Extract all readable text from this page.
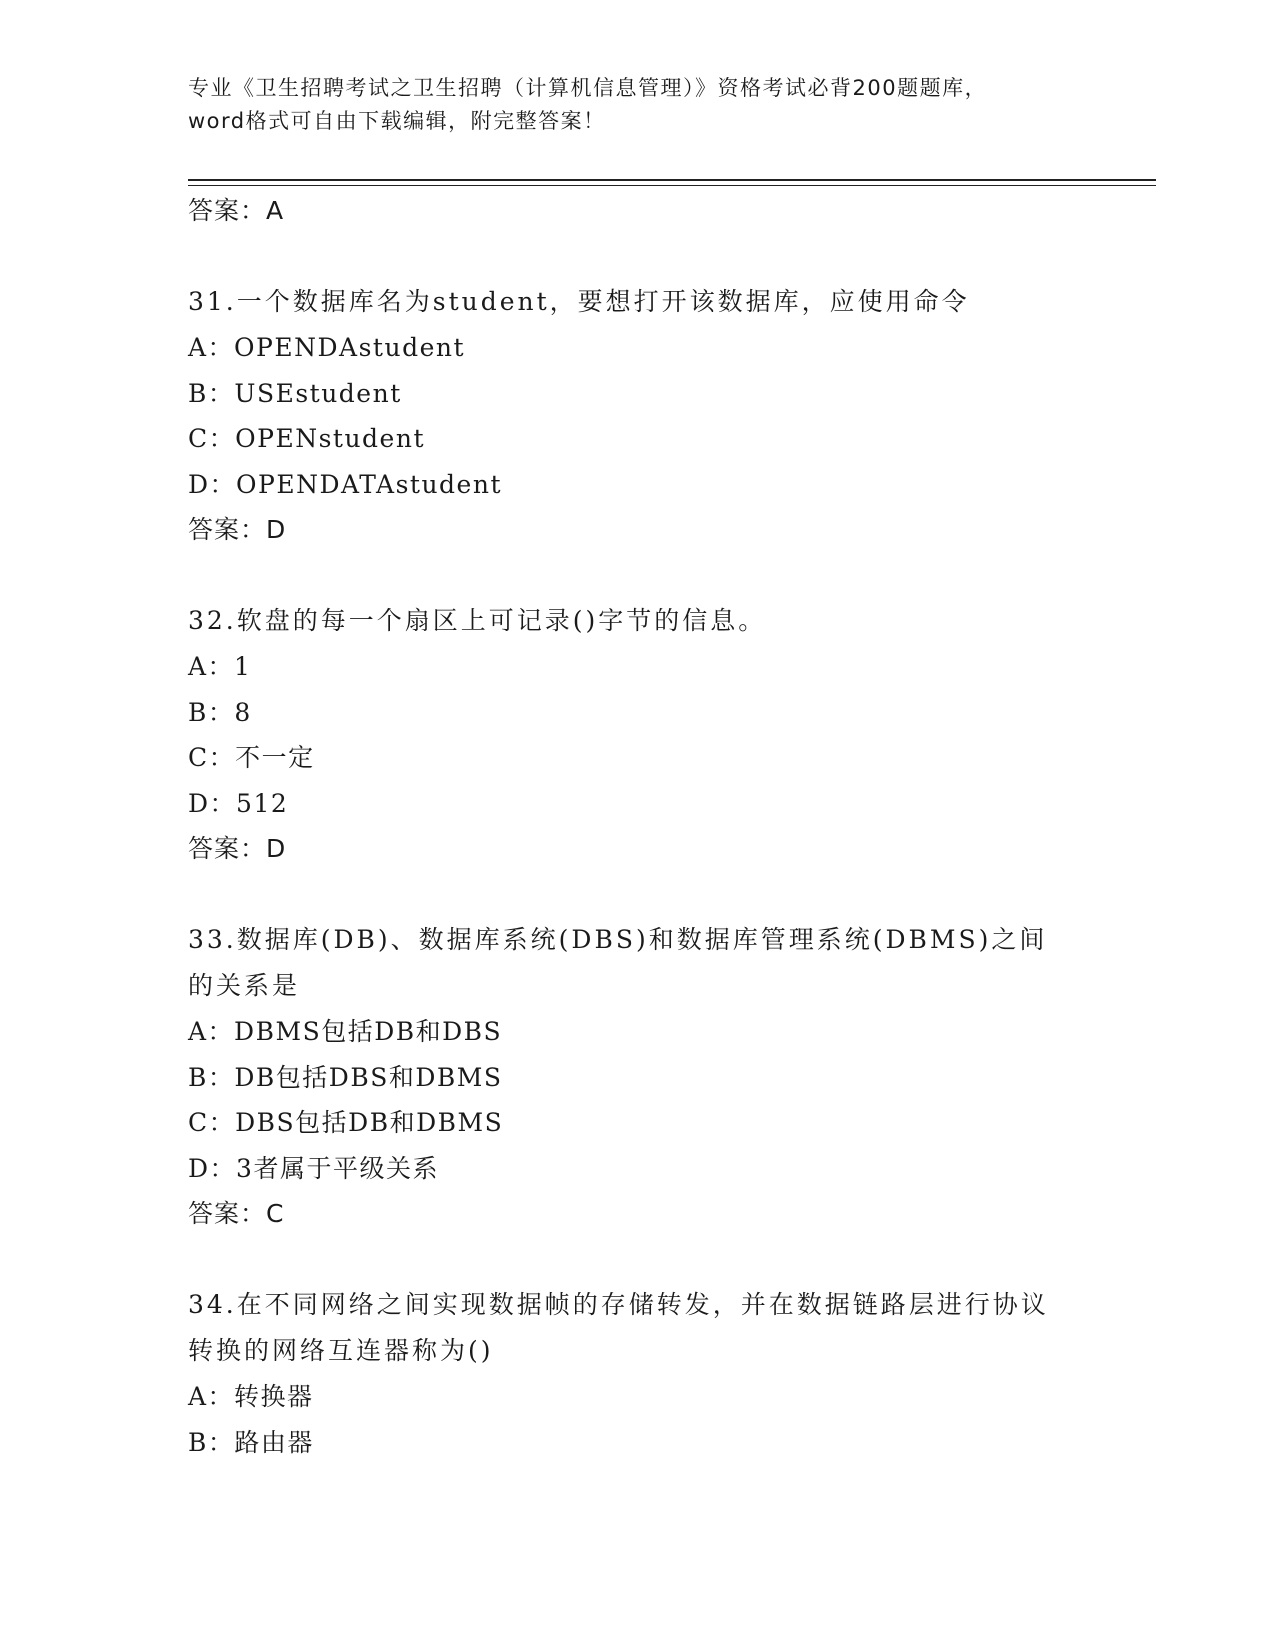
专业《卫生招聘考试之卫生招聘（计算机信息管理）》资格考试必背200题题库，
word格式可自由下载编辑，附完整答案！
答案：A
31.一个数据库名为student，要想打开该数据库，应使用命令
A：OPENDAstudent
B：USEstudent
C：OPENstudent
D：OPENDATAstudent
答案：D
32.软盘的每一个扇区上可记录()字节的信息。
A：1
B：8
C：不一定
D：512
答案：D
33.数据库(DB)、数据库系统(DBS)和数据库管理系统(DBMS)之间的关系是
A：DBMS包括DB和DBS
B：DB包括DBS和DBMS
C：DBS包括DB和DBMS
D：3者属于平级关系
答案：C
34.在不同网络之间实现数据帧的存储转发，并在数据链路层进行协议转换的网络互连器称为()
A：转换器
B：路由器
